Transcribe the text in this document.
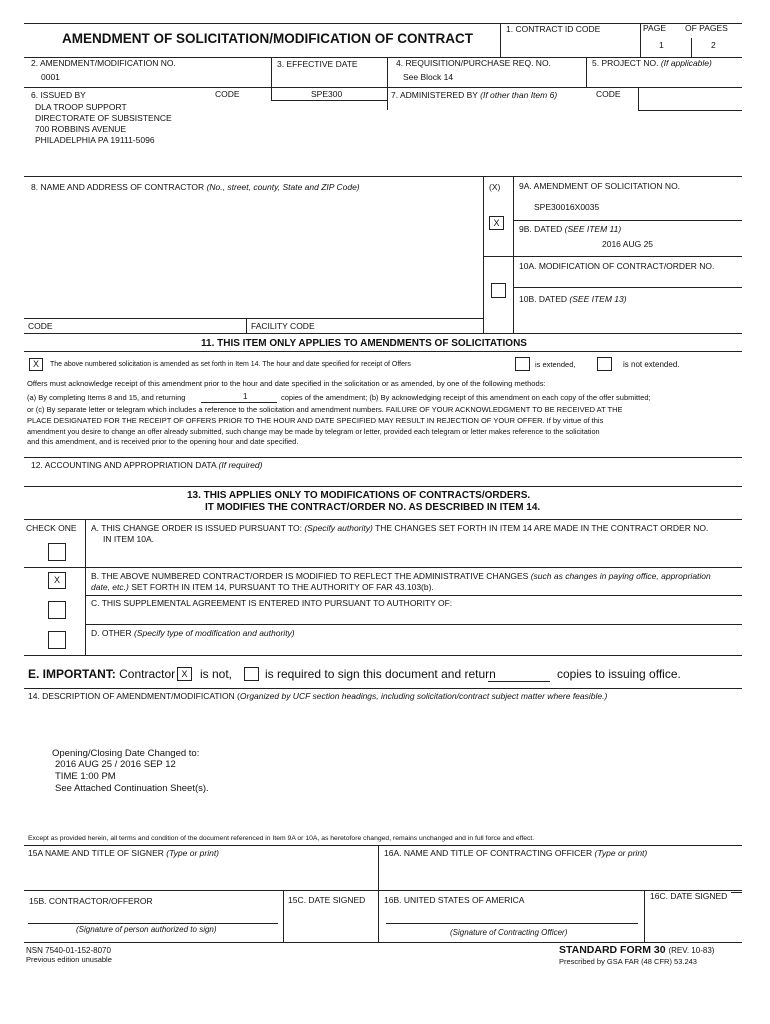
AMENDMENT OF SOLICITATION/MODIFICATION OF CONTRACT
1. CONTRACT ID CODE	PAGE OF PAGES
1	2
2. AMENDMENT/MODIFICATION NO.
0001
3. EFFECTIVE DATE	4. REQUISITION/PURCHASE REQ. NO.
See Block 14
5. PROJECT NO. (If applicable)
6. ISSUED BY	CODE	SPE300
DLA TROOP SUPPORT
DIRECTORATE OF SUBSISTENCE
700 ROBBINS AVENUE
PHILADELPHIA PA 19111-5096
7. ADMINISTERED BY (If other than Item 6)	CODE
8. NAME AND ADDRESS OF CONTRACTOR (No., street, county, State and ZIP Code)	(X) 9A. AMENDMENT OF SOLICITATION NO.
SPE30016X0035
X
9B. DATED (SEE ITEM 11)
2016 AUG 25
10A. MODIFICATION OF CONTRACT/ORDER NO.
10B. DATED (SEE ITEM 13)
CODE	FACILITY CODE
11. THIS ITEM ONLY APPLIES TO AMENDMENTS OF SOLICITATIONS
X	The above numbered solicitation is amended as set forth in Item 14. The hour and date specified for receipt of Offers	is extended,	is not extended.
Offers must acknowledge receipt of this amendment prior to the hour and date specified in the solicitation or as amended, by one of the following methods:
(a) By completing Items 8 and 15, and returning	1	copies of the amendment; (b) By acknowledging receipt of this amendment on each copy of the offer submitted;
or (c) By separate letter or telegram which includes a reference to the solicitation and amendment numbers. FAILURE OF YOUR ACKNOWLEDGMENT TO BE RECEIVED AT THE
PLACE DESIGNATED FOR THE RECEIPT OF OFFERS PRIOR TO THE HOUR AND DATE SPECIFIED MAY RESULT IN REJECTION OF YOUR OFFER. If by virtue of this
amendment you desire to change an offer already submitted, such change may be made by telegram or letter, provided each telegram or letter makes reference to the solicitation
and this amendment, and is received prior to the opening hour and date specified.
12. ACCOUNTING AND APPROPRIATION DATA (If required)
13. THIS APPLIES ONLY TO MODIFICATIONS OF CONTRACTS/ORDERS.
IT MODIFIES THE CONTRACT/ORDER NO. AS DESCRIBED IN ITEM 14.
CHECK ONE A. THIS CHANGE ORDER IS ISSUED PURSUANT TO: (Specify authority) THE CHANGES SET FORTH IN ITEM 14 ARE MADE IN THE CONTRACT ORDER NO.
IN ITEM 10A.
B. THE ABOVE NUMBERED CONTRACT/ORDER IS MODIFIED TO REFLECT THE ADMINISTRATIVE CHANGES (such as changes in paying office, appropriation
date, etc.) SET FORTH IN ITEM 14, PURSUANT TO THE AUTHORITY OF FAR 43.103(b).
X
C. THIS SUPPLEMENTAL AGREEMENT IS ENTERED INTO PURSUANT TO AUTHORITY OF:
D. OTHER (Specify type of modification and authority)
E. IMPORTANT: Contractor X	is not,	is required to sign this document and return	copies to issuing office.
14. DESCRIPTION OF AMENDMENT/MODIFICATION (Organized by UCF section headings, including solicitation/contract subject matter where feasible.)
Opening/Closing Date Changed to:
2016 AUG 25 / 2016 SEP 12
TIME 1:00 PM
See Attached Continuation Sheet(s).
Except as provided herein, all terms and condition of the document referenced in Item 9A or 10A, as heretofore changed, remains unchanged and in full force and effect.
15A NAME AND TITLE OF SIGNER (Type or print)	16A. NAME AND TITLE OF CONTRACTING OFFICER (Type or print)
15B. CONTRACTOR/OFFEROR	15C. DATE SIGNED 16B. UNITED STATES OF AMERICA	16C. DATE SIGNED
(Signature of person authorized to sign)	(Signature of Contracting Officer)
NSN 7540-01-152-8070
Previous edition unusable
STANDARD FORM 30 (REV. 10-83)
Prescribed by GSA FAR (48 CFR) 53.243
